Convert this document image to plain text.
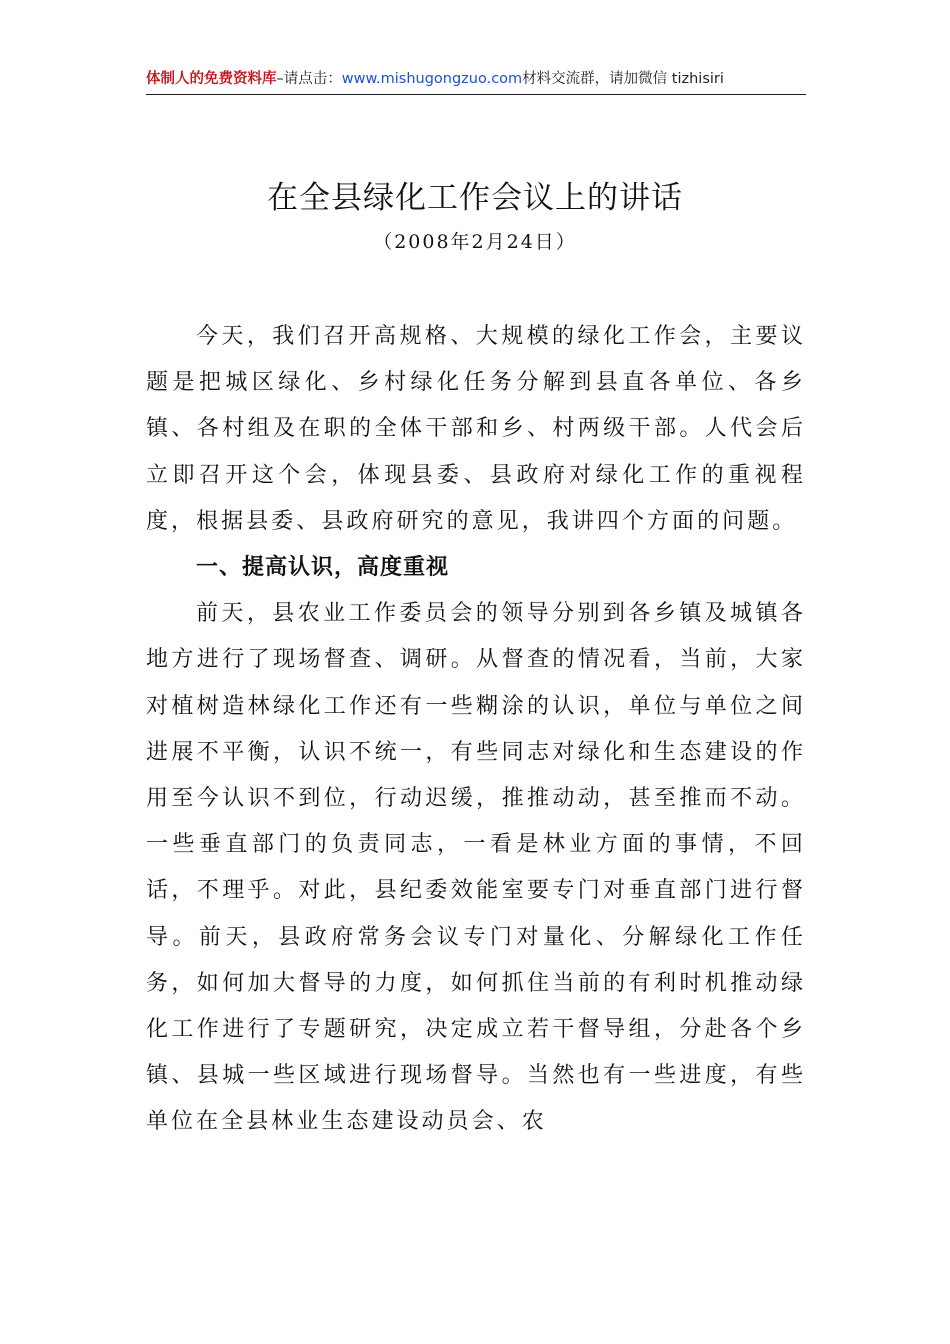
体制人的免费资料库–请点击：www.mishugongzuo.com材料交流群，请加微信 tizhisiri
在全县绿化工作会议上的讲话
（2008年2月24日）

今天，我们召开高规格、大规模的绿化工作会，主要议题是把城区绿化、乡村绿化任务分解到县直各单位、各乡镇、各村组及在职的全体干部和乡、村两级干部。人代会后立即召开这个会，体现县委、县政府对绿化工作的重视程度，根据县委、县政府研究的意见，我讲四个方面的问题。

一、提高认识，高度重视

前天，县农业工作委员会的领导分别到各乡镇及城镇各地方进行了现场督查、调研。从督查的情况看，当前，大家对植树造林绿化工作还有一些糊涂的认识，单位与单位之间进展不平衡，认识不统一，有些同志对绿化和生态建设的作用至今认识不到位，行动迟缓，推推动动，甚至推而不动。一些垂直部门的负责同志，一看是林业方面的事情，不回话，不理乎。对此，县纪委效能室要专门对垂直部门进行督导。前天，县政府常务会议专门对量化、分解绿化工作任务，如何加大督导的力度，如何抓住当前的有利时机推动绿化工作进行了专题研究，决定成立若干督导组，分赴各个乡镇、县城一些区域进行现场督导。当然也有一些进度，有些单位在全县林业生态建设动员会、农
